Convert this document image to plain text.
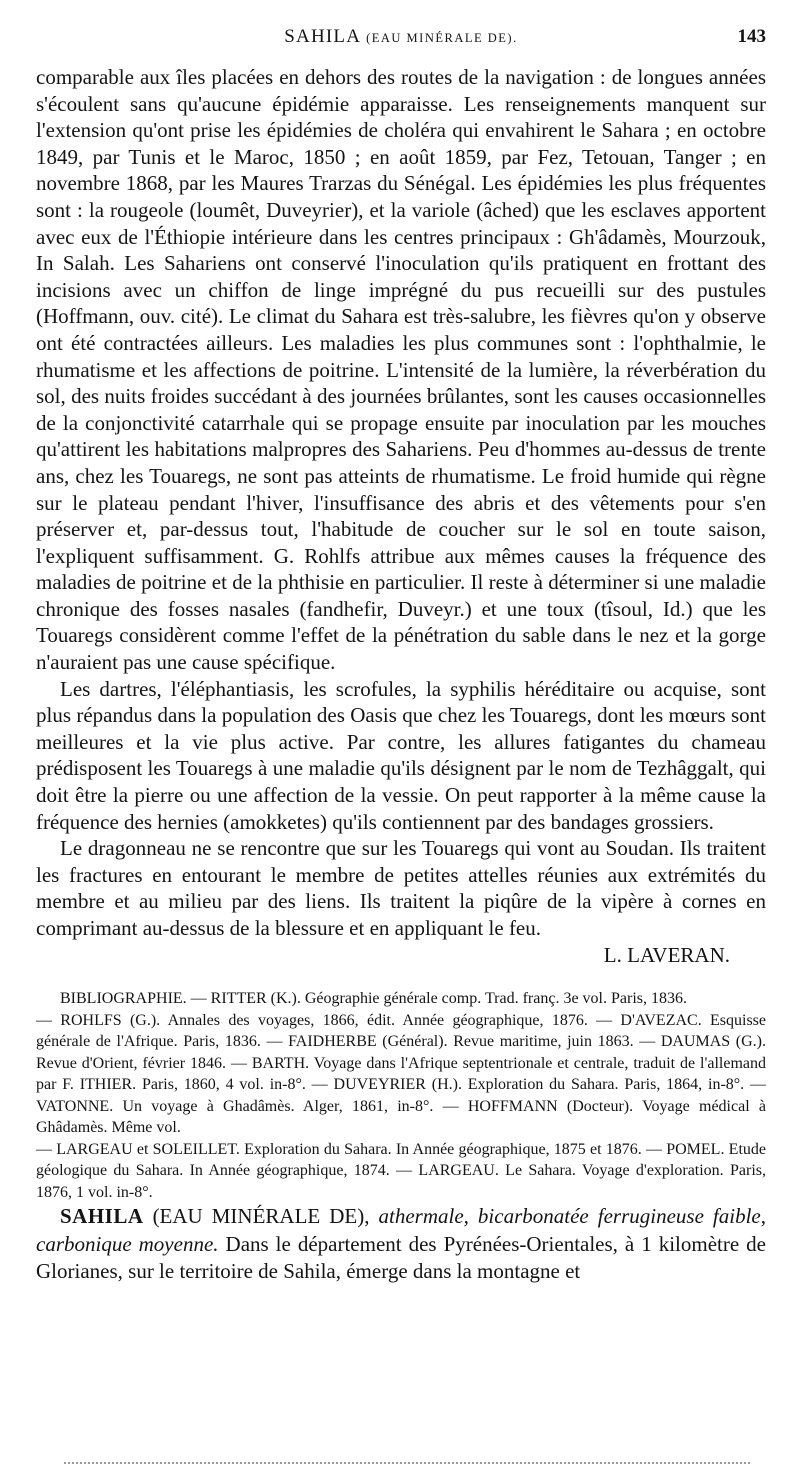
SAHILA (EAU MINÉRALE DE).	143

comparable aux îles placées en dehors des routes de la navigation : de longues années s'écoulent sans qu'aucune épidémie apparaisse. Les renseignements manquent sur l'extension qu'ont prise les épidémies de choléra qui envahirent le Sahara ; en octobre 1849, par Tunis et le Maroc, 1850 ; en août 1859, par Fez, Tetouan, Tanger ; en novembre 1868, par les Maures Trarzas du Sénégal. Les épidémies les plus fréquentes sont : la rougeole (loumêt, Duveyrier), et la variole (âched) que les esclaves apportent avec eux de l'Éthiopie intérieure dans les centres principaux : Gh'âdamès, Mourzouk, In Salah. Les Sahariens ont conservé l'inoculation qu'ils pratiquent en frottant des incisions avec un chiffon de linge imprégné du pus recueilli sur des pustules (Hoffmann, ouv. cité). Le climat du Sahara est très-salubre, les fièvres qu'on y observe ont été contractées ailleurs. Les maladies les plus communes sont : l'ophthalmie, le rhumatisme et les affections de poitrine. L'intensité de la lumière, la réverbération du sol, des nuits froides succédant à des journées brûlantes, sont les causes occasionnelles de la conjonctivité catarrhale qui se propage ensuite par inoculation par les mouches qu'attirent les habitations malpropres des Sahariens. Peu d'hommes au-dessus de trente ans, chez les Touaregs, ne sont pas atteints de rhumatisme. Le froid humide qui règne sur le plateau pendant l'hiver, l'insuffisance des abris et des vêtements pour s'en préserver et, par-dessus tout, l'habitude de coucher sur le sol en toute saison, l'expliquent suffisamment. G. Rohlfs attribue aux mêmes causes la fréquence des maladies de poitrine et de la phthisie en particulier. Il reste à déterminer si une maladie chronique des fosses nasales (fandhefir, Duveyr.) et une toux (tîsoul, Id.) que les Touaregs considèrent comme l'effet de la pénétration du sable dans le nez et la gorge n'auraient pas une cause spécifique.

Les dartres, l'éléphantiasis, les scrofules, la syphilis héréditaire ou acquise, sont plus répandus dans la population des Oasis que chez les Touaregs, dont les mœurs sont meilleures et la vie plus active. Par contre, les allures fatigantes du chameau prédisposent les Touaregs à une maladie qu'ils désignent par le nom de Tezhâggalt, qui doit être la pierre ou une affection de la vessie. On peut rapporter à la même cause la fréquence des hernies (amokketes) qu'ils contiennent par des bandages grossiers.

Le dragonneau ne se rencontre que sur les Touaregs qui vont au Soudan. Ils traitent les fractures en entourant le membre de petites attelles réunies aux extrémités du membre et au milieu par des liens. Ils traitent la piqûre de la vipère à cornes en comprimant au-dessus de la blessure et en appliquant le feu.

L. LAVERAN.

BIBLIOGRAPHIE. — RITTER (K.). Géographie générale comp. Trad. franç. 3e vol. Paris, 1836.

— ROHLFS (G.). Annales des voyages, 1866, édit. Année géographique, 1876. — D'AVEZAC. Esquisse générale de l'Afrique. Paris, 1836. — FAIDHERBE (Général). Revue maritime, juin 1863. — DAUMAS (G.). Revue d'Orient, février 1846. — BARTH. Voyage dans l'Afrique septentrionale et centrale, traduit de l'allemand par F. ITHIER. Paris, 1860, 4 vol. in-8°. — DUVEYRIER (H.). Exploration du Sahara. Paris, 1864, in-8°. — VATONNE. Un voyage à Ghadâmès. Alger, 1861, in-8°. — HOFFMANN (Docteur). Voyage médical à Ghâdamès. Même vol.

— LARGEAU et SOLEILLET. Exploration du Sahara. In Année géographique, 1875 et 1876. — POMEL. Etude géologique du Sahara. In Année géographique, 1874. — LARGEAU. Le Sahara. Voyage d'exploration. Paris, 1876, 1 vol. in-8°.

SAHILA (EAU MINÉRALE DE), athermale, bicarbonatée ferrugineuse faible, carbonique moyenne. Dans le département des Pyrénées-Orientales, à 1 kilomètre de Glorianes, sur le territoire de Sahila, émerge dans la montagne et
